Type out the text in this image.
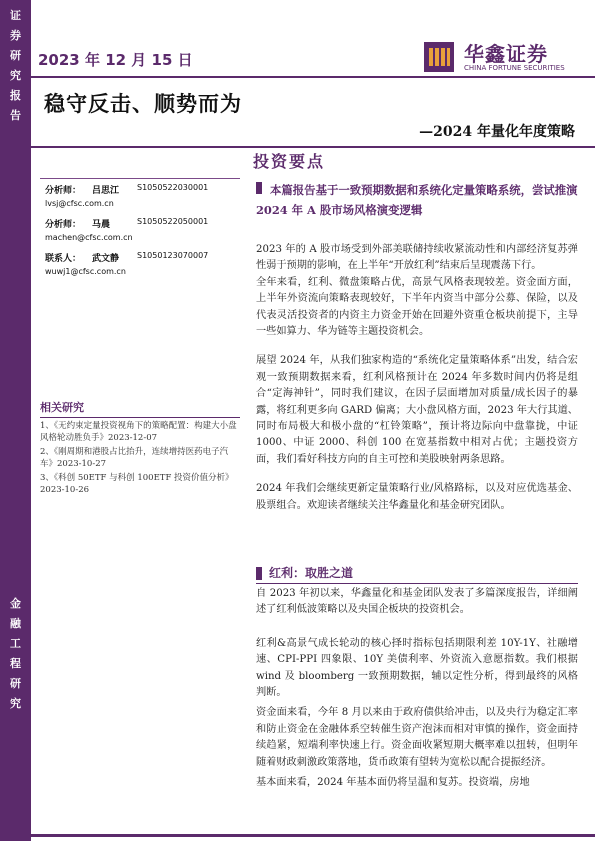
证
券
研
究
报
告
金
融
工
程
研
究
2023 年 12 月 15 日	华鑫证券
CHINA FORTUNE SECURITIES
稳守反击、顺势而为
—2024 年量化年度策略
投资要点
分析师： 吕思江 S1050522030001
lvsj@cfsc.com.cn
分析师： 马晨	S1050522050001
machen@cfsc.com.cn
联系人： 武文静 S1050123070007
wuwj1@cfsc.com.cn
相关研究
1、《无约束定量投资视角下的策略配置：构建大小盘风格轮动胜负手》2023-12-07
2、《刚周期和港股占比抬升，连续增持医药电子汽车》2023-10-27
3、《科创 50ETF 与科创 100ETF 投资价值分析》2023-10-26
本篇报告基于一致预期数据和系统化定量策略系统，尝试推演 2024 年 A 股市场风格演变逻辑

2023 年的 A 股市场受到外部美联储持续收紧流动性和内部经济复苏弹性弱于预期的影响，在上半年“开放红利”结束后呈现震荡下行。

全年来看，红利、微盘策略占优，高景气风格表现较差。资金面方面，上半年外资流向策略表现较好，下半年内资当中部分公募、保险，以及代表灵活投资者的内资主力资金开始在回避外资重仓板块前提下，主导一些如算力、华为链等主题投资机会。

展望 2024 年，从我们独家构造的“系统化定量策略体系”出发，结合宏观一致预期数据来看，红利风格预计在 2024 年多数时间内仍将是组合“定海神针”，同时我们建议，在因子层面增加对质量/成长因子的暴露，将红利更多向 GARD 偏离；大小盘风格方面，2023 年大行其道、同时布局极大和极小盘的“杠铃策略”，预计将边际向中盘靠拢，中证 1000、中证 2000、科创 100 在宽基指数中相对占优；主题投资方面，我们看好科技方向的自主可控和美股映射两条思路。

2024 年我们会继续更新定量策略行业/风格路标，以及对应优选基金、股票组合。欢迎读者继续关注华鑫量化和基金研究团队。

红利：取胜之道

自 2023 年初以来，华鑫量化和基金团队发表了多篇深度报告，详细阐述了红利低波策略以及央国企板块的投资机会。

红利&高景气成长轮动的核心择时指标包括期限利差 10Y-1Y、社融增速、CPI-PPI 四象限、10Y 美债利率、外资流入意愿指数。我们根据 wind 及 bloomberg 一致预期数据，辅以定性分析，得到最终的风格判断。

资金面来看，今年 8 月以来由于政府债供给冲击，以及央行为稳定汇率和防止资金在金融体系空转催生资产泡沫而相对审慎的操作，资金面持续趋紧，短端利率快速上行。资金面收紧短期大概率难以扭转，但明年随着财政刺激政策落地，货币政策有望转为宽松以配合提振经济。

基本面来看，2024 年基本面仍将呈温和复苏。投资端，房地
